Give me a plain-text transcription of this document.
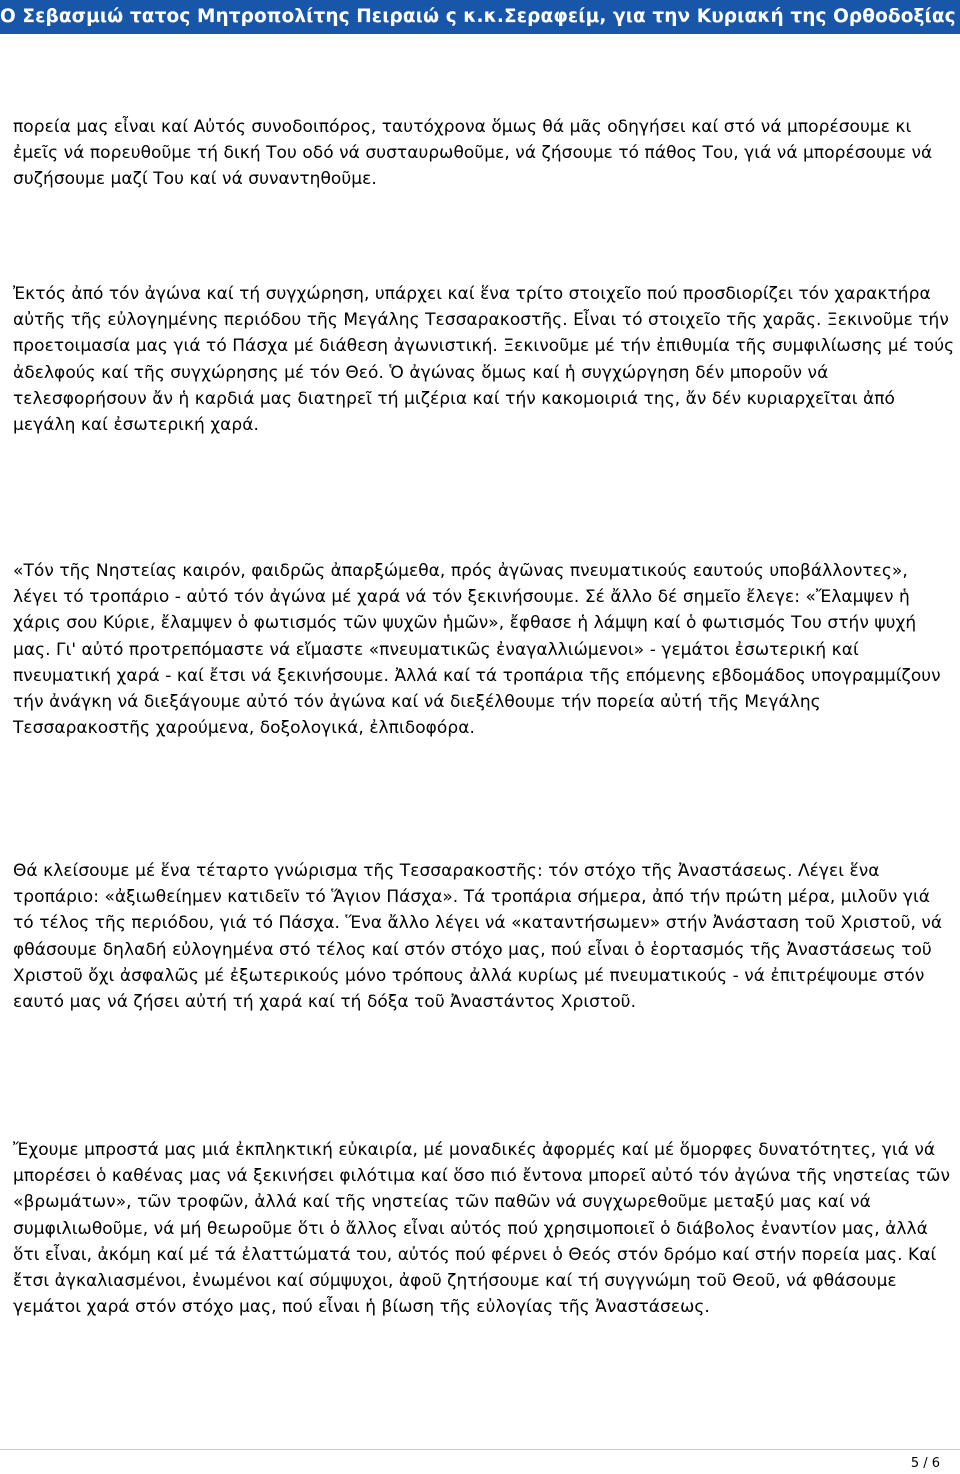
Ο Σεβασμιώ τατος Μητροπολίτης Πειραιώ ς κ.κ.Σεραφείμ, για την Κυριακή της Ορθοδοξίας

πορεία μας εἶναι καί Αὐτός συνοδοιπόρος, ταυτόχρονα ὅμως θά μᾶς οδηγήσει καί στό νά μπορέσουμε κι ἐμεῖς νά πορευθοῦμε τή δική Του οδό νά συσταυρωθοῦμε, νά ζήσουμε τό πάθος Του, γιά νά μπορέσουμε νά συζήσουμε μαζί Του καί νά συναντηθοῦμε.

Ἐκτός ἀπό τόν ἀγώνα καί τή συγχώρηση, υπάρχει καί ἕνα τρίτο στοιχεῖο πού προσδιορίζει τόν χαρακτήρα αὐτῆς τῆς εὐλογημένης περιόδου τῆς Μεγάλης Τεσσαρακοστῆς. Εἶναι τό στοιχεῖο τῆς χαρᾶς. Ξεκινοῦμε τήν προετοιμασία μας γιά τό Πάσχα μέ διάθεση ἀγωνιστική. Ξεκινοῦμε μέ τήν ἐπιθυμία τῆς συμφιλίωσης μέ τούς ἀδελφούς καί τῆς συγχώρησης μέ τόν Θεό. Ὁ ἀγώνας ὅμως καί ἡ συγχώργηση δέν μποροῦν νά τελεσφορήσουν ἄν ἡ καρδιά μας διατηρεῖ τή μιζέρια καί τήν κακομοιριά της, ἄν δέν κυριαρχεῖται ἀπό μεγάλη καί ἐσωτερική χαρά.

«Τόν τῆς Νηστείας καιρόν, φαιδρῶς ἀπαρξώμεθα, πρός ἀγῶνας πνευματικούς εαυτούς υποβάλλοντες», λέγει τό τροπάριο - αὐτό τόν ἀγώνα μέ χαρά νά τόν ξεκινήσουμε. Σέ ἄλλο δέ σημεῖο ἔλεγε: «Ἔλαμψεν ἡ χάρις σου Κύριε, ἔλαμψεν ὁ φωτισμός τῶν ψυχῶν ἡμῶν», ἔφθασε ἡ λάμψη καί ὁ φωτισμός Του στήν ψυχή μας. Γι' αὐτό προτρεπόμαστε νά εἴμαστε «πνευματικῶς ἐναγαλλιώμενοι» - γεμάτοι ἐσωτερική καί πνευματική χαρά - καί ἔτσι νά ξεκινήσουμε. Ἀλλά καί τά τροπάρια τῆς επόμενης εβδομάδος υπογραμμίζουν τήν ἀνάγκη νά διεξάγουμε αὐτό τόν ἀγώνα καί νά διεξέλθουμε τήν πορεία αὐτή τῆς Μεγάλης Τεσσαρακοστῆς χαρούμενα, δοξολογικά, ἐλπιδοφόρα.

Θά κλείσουμε μέ ἕνα τέταρτο γνώρισμα τῆς Τεσσαρακοστῆς: τόν στόχο τῆς Ἀναστάσεως. Λέγει ἕνα τροπάριο: «ἀξιωθείημεν κατιδεῖν τό Ἅγιον Πάσχα». Τά τροπάρια σήμερα, ἀπό τήν πρώτη μέρα, μιλοῦν γιά τό τέλος τῆς περιόδου, γιά τό Πάσχα. Ἕνα ἄλλο λέγει νά «καταντήσωμεν» στήν Ἀνάσταση τοῦ Χριστοῦ, νά φθάσουμε δηλαδή εὐλογημένα στό τέλος καί στόν στόχο μας, πού εἶναι ὁ ἑορτασμός τῆς Ἀναστάσεως τοῦ Χριστοῦ ὄχι ἀσφαλῶς μέ ἐξωτερικούς μόνο τρόπους ἀλλά κυρίως μέ πνευματικούς - νά ἐπιτρέψουμε στόν εαυτό μας νά ζήσει αὐτή τή χαρά καί τή δόξα τοῦ Ἀναστάντος Χριστοῦ.

Ἔχουμε μπροστά μας μιά ἐκπληκτική εὐκαιρία, μέ μοναδικές ἀφορμές καί μέ ὅμορφες δυνατότητες, γιά νά μπορέσει ὁ καθένας μας νά ξεκινήσει φιλότιμα καί ὅσο πιό ἔντονα μπορεῖ αὐτό τόν ἀγώνα τῆς νηστείας τῶν «βρωμάτων», τῶν τροφῶν, ἀλλά καί τῆς νηστείας τῶν παθῶν νά συγχωρεθοῦμε μεταξύ μας καί νά συμφιλιωθοῦμε, νά μή θεωροῦμε ὅτι ὁ ἄλλος εἶναι αὐτός πού χρησιμοποιεῖ ὁ διάβολος ἐναντίον μας, ἀλλά ὅτι εἶναι, ἀκόμη καί μέ τά ἐλαττώματά του, αὐτός πού φέρνει ὁ Θεός στόν δρόμο καί στήν πορεία μας. Καί ἔτσι ἀγκαλιασμένοι, ἐνωμένοι καί σύμψυχοι, ἀφοῦ ζητήσουμε καί τή συγγνώμη τοῦ Θεοῦ, νά φθάσουμε γεμάτοι χαρά στόν στόχο μας, πού εἶναι ἡ βίωση τῆς εὐλογίας τῆς Ἀναστάσεως.

5 / 6
